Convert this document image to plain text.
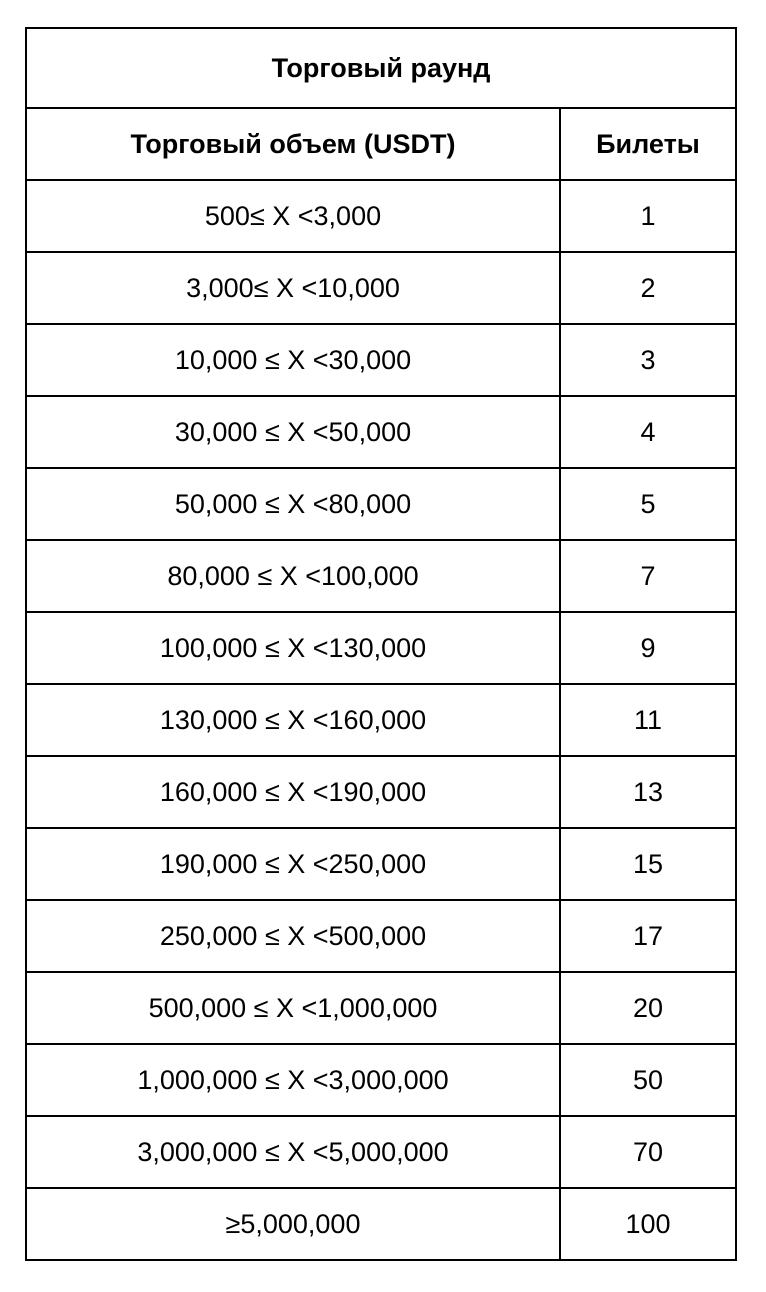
Торговый раунд	
Торговый объем (USDT)	Билеты
500≤ X <3,000	1
3,000≤ X <10,000	2
10,000 ≤ X <30,000	3
30,000 ≤ X <50,000	4
50,000 ≤ X <80,000	5
80,000 ≤ X <100,000	7
100,000 ≤ X <130,000	9
130,000 ≤ X <160,000	11
160,000 ≤ X <190,000	13
190,000 ≤ X <250,000	15
250,000 ≤ X <500,000	17
500,000 ≤ X <1,000,000	20
1,000,000 ≤ X <3,000,000	50
3,000,000 ≤ X <5,000,000	70
≥5,000,000	100
